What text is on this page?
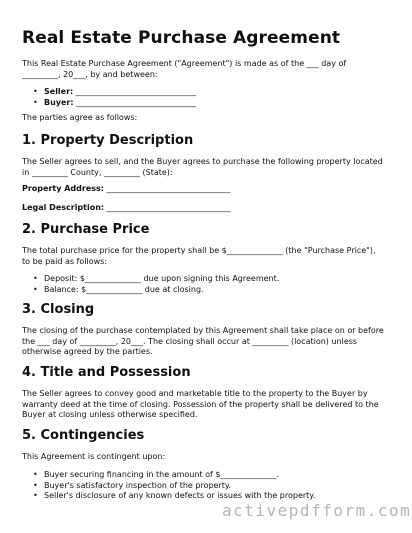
Real Estate Purchase Agreement
This Real Estate Purchase Agreement ("Agreement") is made as of the ___ day of
_________, 20___, by and between:
• Seller: ______________________________
• Buyer: ______________________________
The parties agree as follows:
1. Property Description
The Seller agrees to sell, and the Buyer agrees to purchase the following property located
in _________ County, _________ (State):
Property Address: _______________________________
Legal Description: _______________________________
2. Purchase Price
The total purchase price for the property shall be $______________ (the "Purchase Price"),
to be paid as follows:
• Deposit: $______________ due upon signing this Agreement.
• Balance: $______________ due at closing.
3. Closing
The closing of the purchase contemplated by this Agreement shall take place on or before
the ___ day of _________, 20___. The closing shall occur at _________ (location) unless
otherwise agreed by the parties.
4. Title and Possession
The Seller agrees to convey good and marketable title to the property to the Buyer by
warranty deed at the time of closing. Possession of the property shall be delivered to the
Buyer at closing unless otherwise specified.
5. Contingencies
This Agreement is contingent upon:
• Buyer securing financing in the amount of $______________.
• Buyer's satisfactory inspection of the property.
• Seller's disclosure of any known defects or issues with the property.
activepdfform.com
